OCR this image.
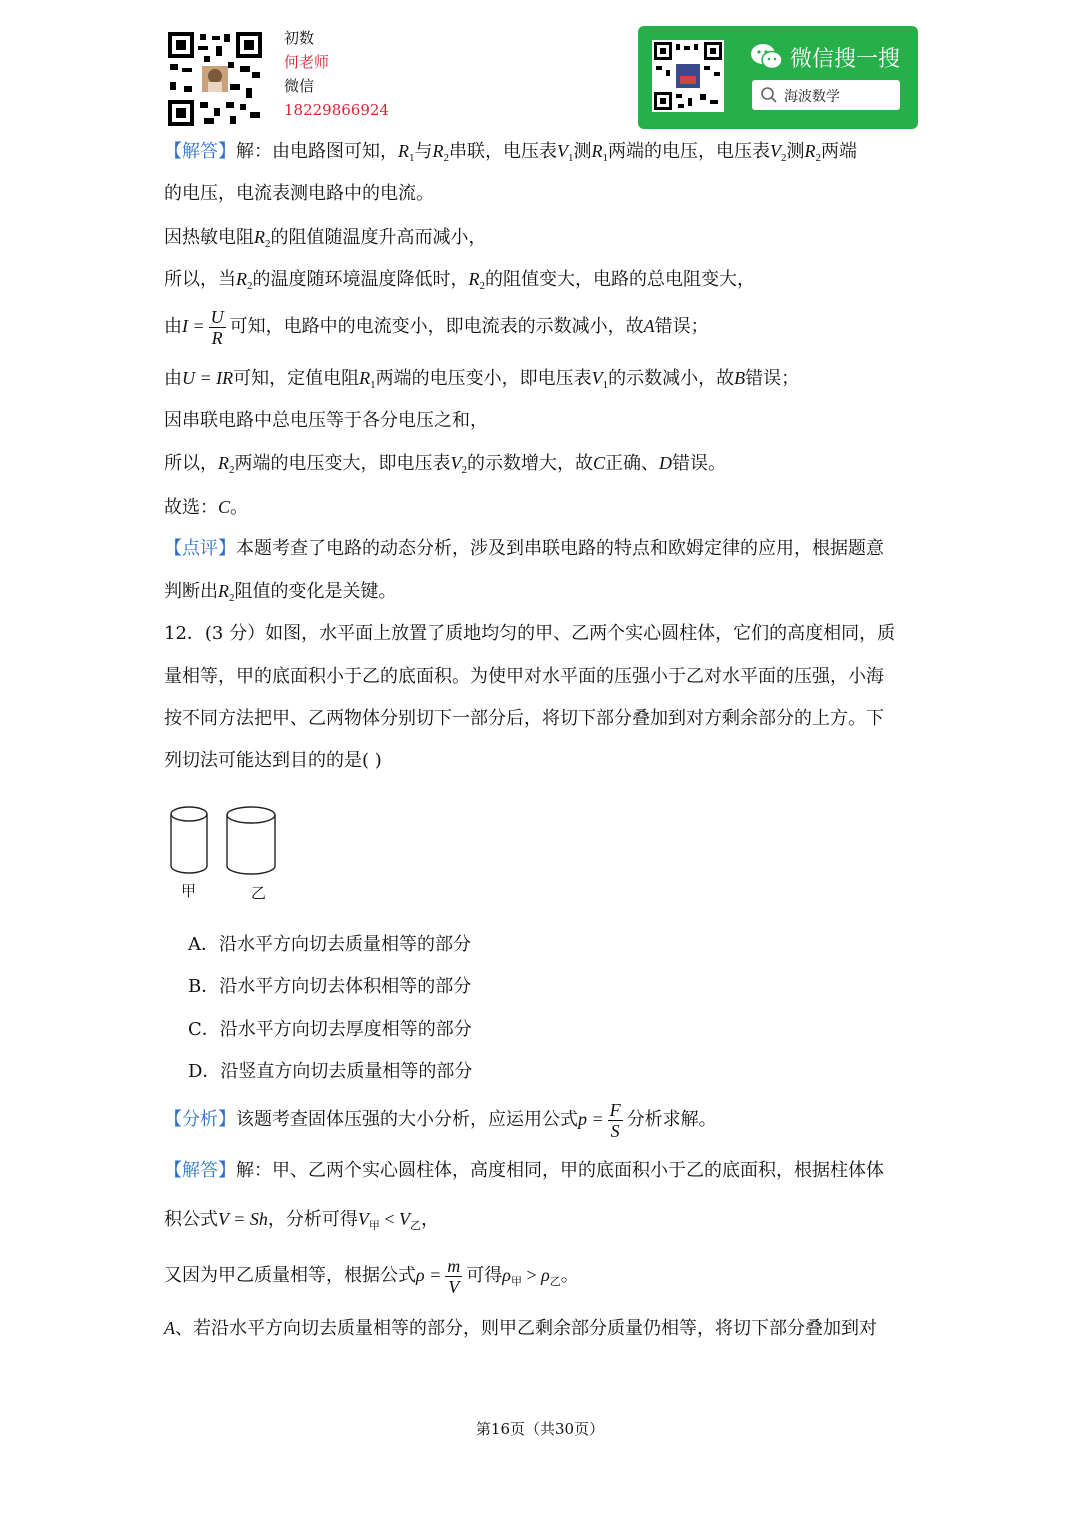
初数
何老师
微信
18229866924
微信搜一搜
海波数学
【解答】解：由电路图可知，$R_1$与$R_2$串联，电压表$V_1$测$R_1$两端的电压，电压表$V_2$测$R_2$两端
的电压，电流表测电路中的电流。
因热敏电阻$R_2$的阻值随温度升高而减小，
所以，当$R_2$的温度随环境温度降低时，$R_2$的阻值变大，电路的总电阻变大，
由$I = \frac{U}{R}$ 可知，电路中的电流变小，即电流表的示数减小，故A错误；
由U = IR可知，定值电阻$R_1$两端的电压变小，即电压表$V_1$的示数减小，故B错误；
因串联电路中总电压等于各分电压之和，
所以，$R_2$两端的电压变大，即电压表$V_2$的示数增大，故C正确、D错误。
故选：C。
【点评】本题考查了电路的动态分析，涉及到串联电路的特点和欧姆定律的应用，根据题意
判断出$R_2$阻值的变化是关键。
12．(3 分）如图，水平面上放置了质地均匀的甲、乙两个实心圆柱体，它们的高度相同，质
量相等，甲的底面积小于乙的底面积。为使甲对水平面的压强小于乙对水平面的压强，小海
按不同方法把甲、乙两物体分别切下一部分后，将切下部分叠加到对方剩余部分的上方。下
列切法可能达到目的的是( )
甲	乙
A．沿水平方向切去质量相等的部分
B．沿水平方向切去体积相等的部分
C．沿水平方向切去厚度相等的部分
D．沿竖直方向切去质量相等的部分
【分析】该题考查固体压强的大小分析，应运用公式$p = \frac{F}{S}$ 分析求解。
【解答】解：甲、乙两个实心圆柱体，高度相同，甲的底面积小于乙的底面积，根据柱体体
积公式V = Sh，分析可得$V_甲 < V_乙$，
又因为甲乙质量相等，根据公式$\rho = \frac{m}{V}$ 可得$\rho_甲 > \rho_乙$。
A、若沿水平方向切去质量相等的部分，则甲乙剩余部分质量仍相等，将切下部分叠加到对
第16页（共30页）
